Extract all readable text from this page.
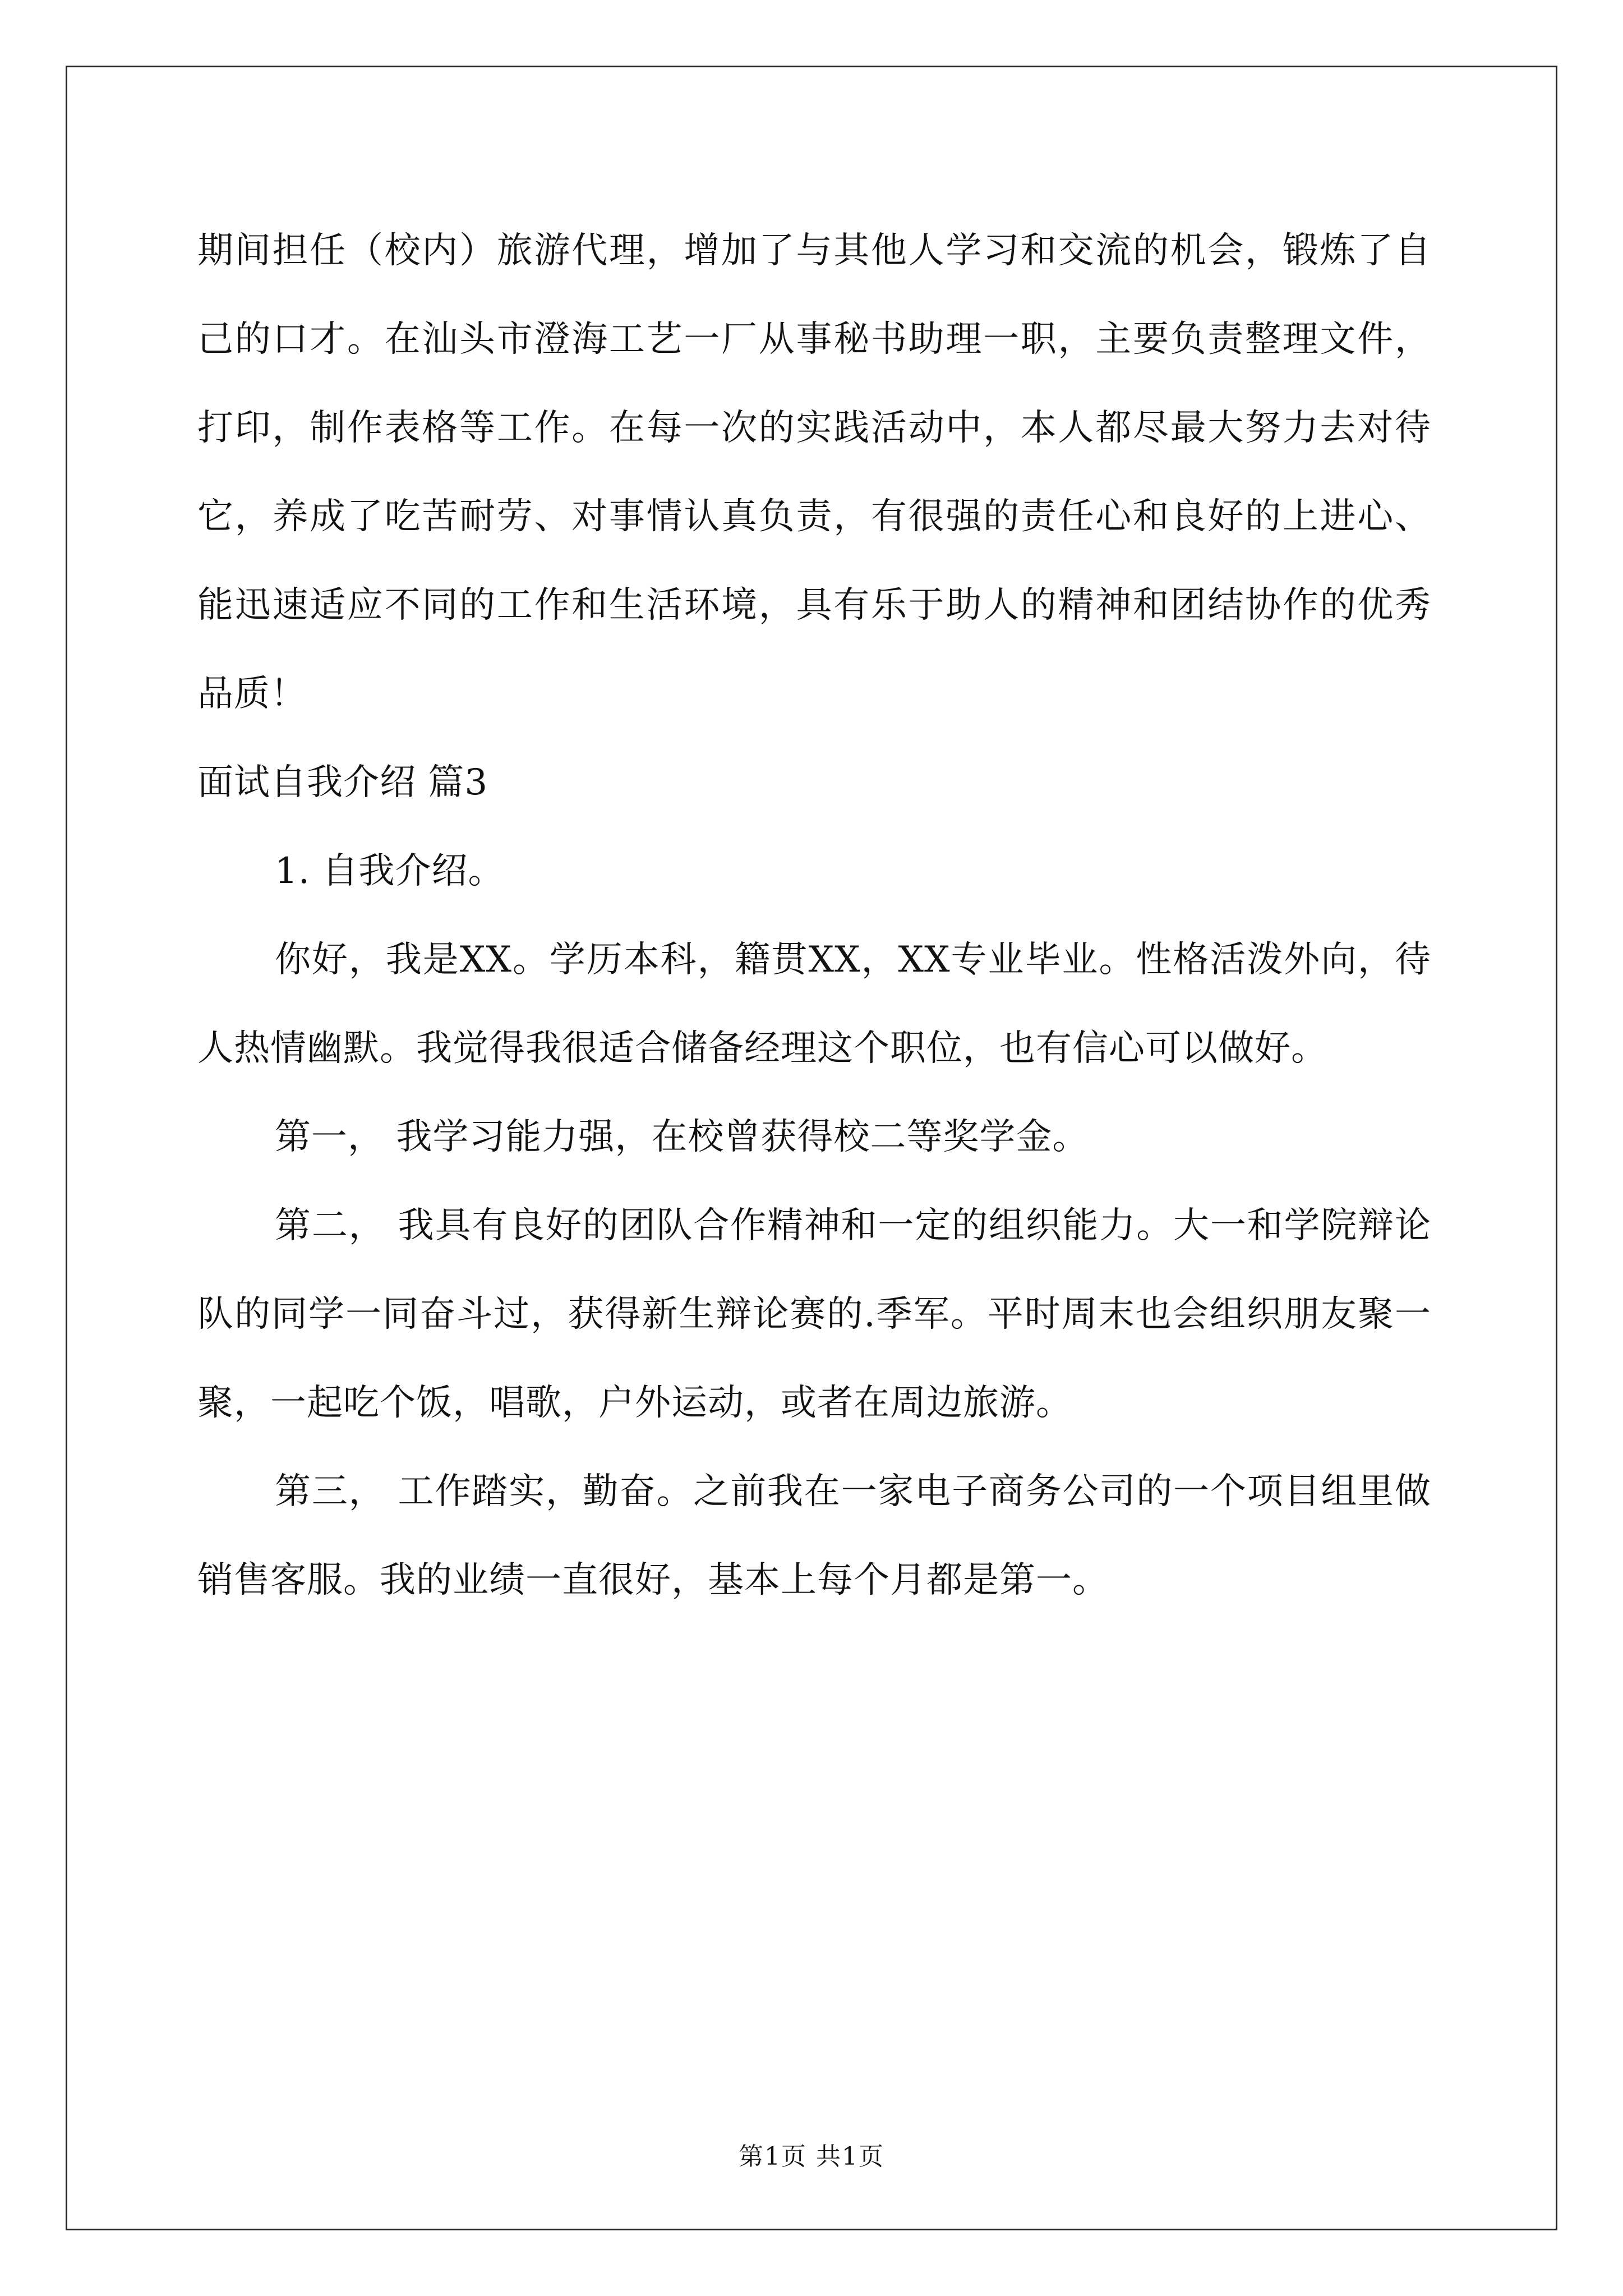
期间担任（校内）旅游代理，增加了与其他人学习和交流的机会，锻炼了自己的口才。在汕头市澄海工艺一厂从事秘书助理一职，主要负责整理文件，打印，制作表格等工作。在每一次的实践活动中，本人都尽最大努力去对待它，养成了吃苦耐劳、对事情认真负责，有很强的责任心和良好的上进心、能迅速适应不同的工作和生活环境，具有乐于助人的精神和团结协作的优秀品质！

面试自我介绍 篇3

1. 自我介绍。

你好，我是XX。学历本科，籍贯XX，XX专业毕业。性格活泼外向，待人热情幽默。我觉得我很适合储备经理这个职位，也有信心可以做好。

第一， 我学习能力强，在校曾获得校二等奖学金。

第二， 我具有良好的团队合作精神和一定的组织能力。大一和学院辩论队的同学一同奋斗过，获得新生辩论赛的.季军。平时周末也会组织朋友聚一聚，一起吃个饭，唱歌，户外运动，或者在周边旅游。

第三， 工作踏实，勤奋。之前我在一家电子商务公司的一个项目组里做销售客服。我的业绩一直很好，基本上每个月都是第一。

第1页 共1页
